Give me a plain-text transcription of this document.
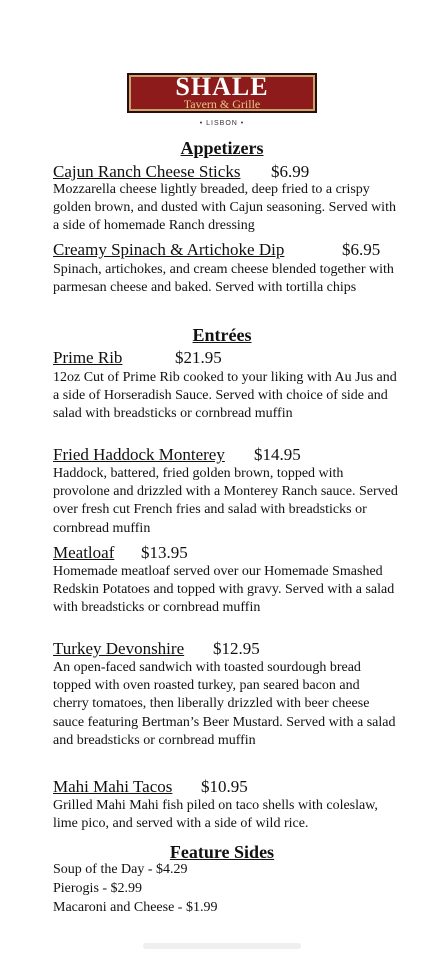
SHALE
Tavern & Grille
• LISBON •
Appetizers
Cajun Ranch Cheese Sticks $6.99
Mozzarella cheese lightly breaded, deep fried to a crispy golden brown, and dusted with Cajun seasoning. Served with a side of homemade Ranch dressing
Creamy Spinach & Artichoke Dip	$6.95
Spinach, artichokes, and cream cheese blended together with parmesan cheese and baked. Served with tortilla chips
Entrées
Prime Rib	$21.95
12oz Cut of Prime Rib cooked to your liking with Au Jus and a side of Horseradish Sauce. Served with choice of side and salad with breadsticks or cornbread muffin
Fried Haddock Monterey $14.95
Haddock, battered, fried golden brown, topped with provolone and drizzled with a Monterey Ranch sauce. Served over fresh cut French fries and salad with breadsticks or cornbread muffin
Meatloaf $13.95
Homemade meatloaf served over our Homemade Smashed Redskin Potatoes and topped with gravy. Served with a salad with breadsticks or cornbread muffin
Turkey Devonshire $12.95
An open-faced sandwich with toasted sourdough bread topped with oven roasted turkey, pan seared bacon and cherry tomatoes, then liberally drizzled with beer cheese sauce featuring Bertman’s Beer Mustard. Served with a salad and breadsticks or cornbread muffin
Mahi Mahi Tacos $10.95
Grilled Mahi Mahi fish piled on taco shells with coleslaw, lime pico, and served with a side of wild rice.
Feature Sides
Soup of the Day - $4.29
Pierogis - $2.99
Macaroni and Cheese - $1.99
